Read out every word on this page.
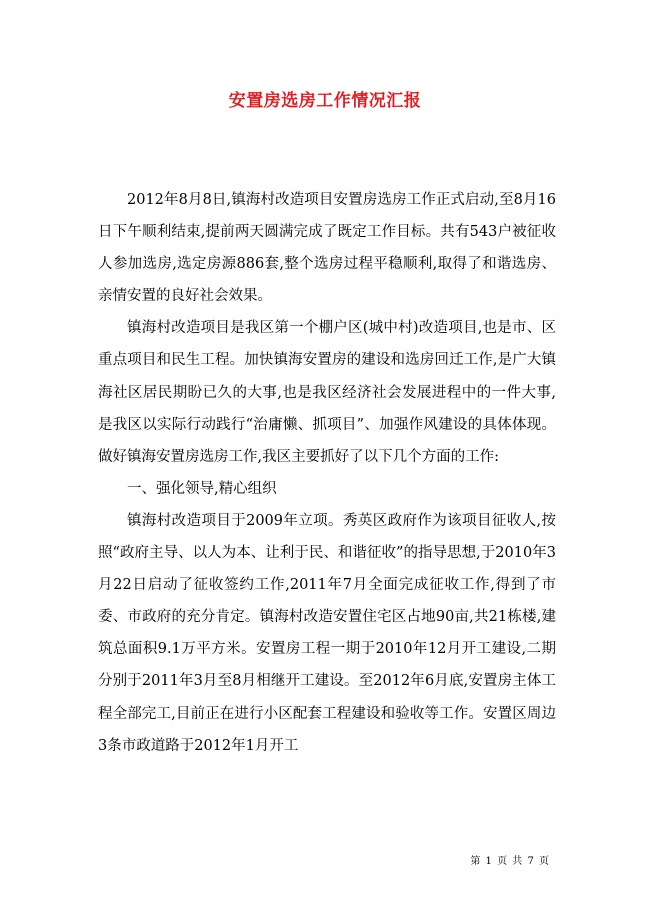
安置房选房工作情况汇报

2012年8月8日,镇海村改造项目安置房选房工作正式启动,至8月16日下午顺利结束,提前两天圆满完成了既定工作目标。共有543户被征收人参加选房,选定房源886套,整个选房过程平稳顺利,取得了和谐选房、亲情安置的良好社会效果。

镇海村改造项目是我区第一个棚户区(城中村)改造项目,也是市、区重点项目和民生工程。加快镇海安置房的建设和选房回迁工作,是广大镇海社区居民期盼已久的大事,也是我区经济社会发展进程中的一件大事,是我区以实际行动践行“治庸懒、抓项目”、加强作风建设的具体体现。做好镇海安置房选房工作,我区主要抓好了以下几个方面的工作:

一、强化领导,精心组织

镇海村改造项目于2009年立项。秀英区政府作为该项目征收人,按照“政府主导、以人为本、让利于民、和谐征收”的指导思想,于2010年3月22日启动了征收签约工作,2011年7月全面完成征收工作,得到了市委、市政府的充分肯定。镇海村改造安置住宅区占地90亩,共21栋楼,建筑总面积9.1万平方米。安置房工程一期于2010年12月开工建设,二期分别于2011年3月至8月相继开工建设。至2012年6月底,安置房主体工程全部完工,目前正在进行小区配套工程建设和验收等工作。安置区周边3条市政道路于2012年1月开工

第 1 页 共 7 页
